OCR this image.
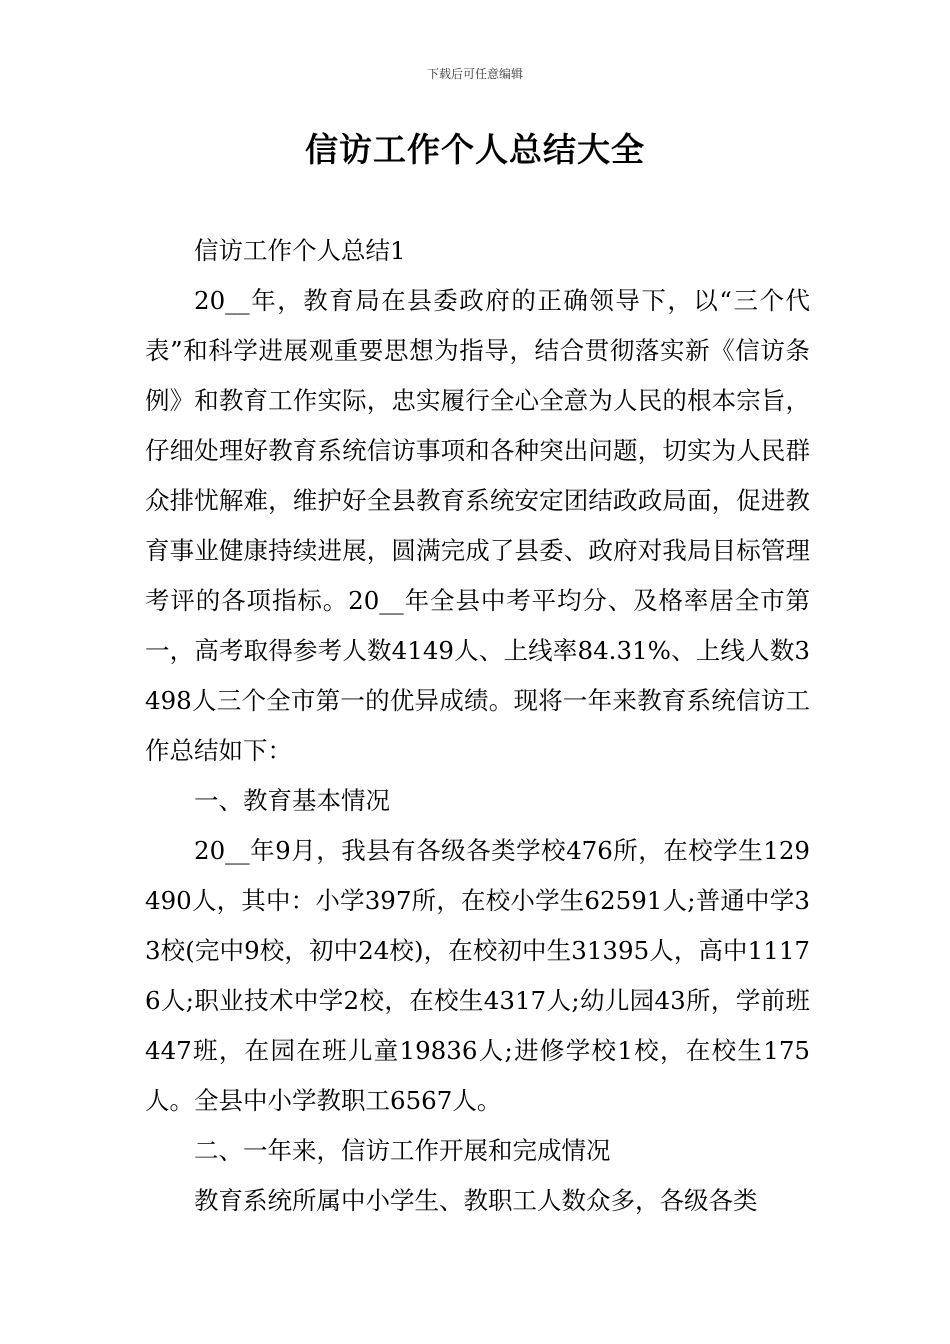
下载后可任意编辑
信访工作个人总结大全

信访工作个人总结1

20__年，教育局在县委政府的正确领导下，以“三个代表”和科学进展观重要思想为指导，结合贯彻落实新《信访条例》和教育工作实际，忠实履行全心全意为人民的根本宗旨，仔细处理好教育系统信访事项和各种突出问题，切实为人民群众排忧解难，维护好全县教育系统安定团结政政局面，促进教育事业健康持续进展，圆满完成了县委、政府对我局目标管理考评的各项指标。20__年全县中考平均分、及格率居全市第一，高考取得参考人数4149人、上线率84.31%、上线人数3498人三个全市第一的优异成绩。现将一年来教育系统信访工作总结如下：

一、教育基本情况

20__年9月，我县有各级各类学校476所，在校学生129490人，其中：小学397所，在校小学生62591人;普通中学33校(完中9校，初中24校)，在校初中生31395人，高中11176人;职业技术中学2校，在校生4317人;幼儿园43所，学前班447班，在园在班儿童19836人;进修学校1校，在校生175人。全县中小学教职工6567人。

二、一年来，信访工作开展和完成情况

教育系统所属中小学生、教职工人数众多，各级各类
